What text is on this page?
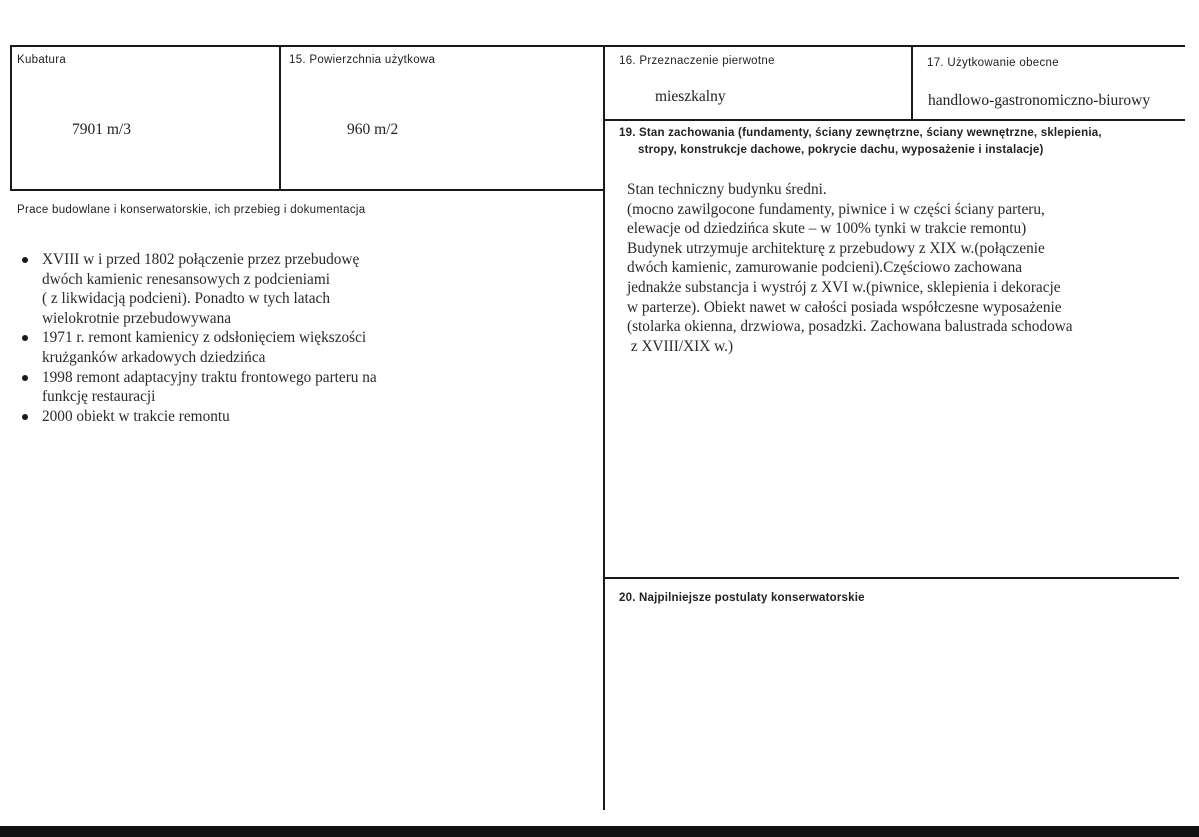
Kubatura
7901 m/3
15. Powierzchnia użytkowa
960 m/2
16. Przeznaczenie pierwotne
mieszkalny
17. Użytkowanie obecne
handlowo-gastronomiczno-biurowy
19. Stan zachowania (fundamenty, ściany zewnętrzne, ściany wewnętrzne, sklepienia,
stropy, konstrukcje dachowe, pokrycie dachu, wyposażenie i instalacje)
Stan techniczny budynku średni.
(mocno zawilgocone fundamenty, piwnice i w części ściany parteru,
elewacje od dziedzińca skute – w 100% tynki w trakcie remontu)
Budynek utrzymuje architekturę z przebudowy z XIX w.(połączenie
dwóch kamienic, zamurowanie podcieni).Częściowo zachowana
jednakże substancja i wystrój z XVI w.(piwnice, sklepienia i dekoracje
w parterze). Obiekt nawet w całości posiada współczesne wyposażenie
(stolarka okienna, drzwiowa, posadzki. Zachowana balustrada schodowa
z XVIII/XIX w.)
Prace budowlane i konserwatorskie, ich przebieg i dokumentacja
XVIII w i przed 1802 połączenie przez przebudowę
dwóch kamienic renesansowych z podcieniami
( z likwidacją podcieni). Ponadto w tych latach
wielokrotnie przebudowywana
1971 r. remont kamienicy z odsłonięciem większości
krużganków arkadowych dziedzińca
1998 remont adaptacyjny traktu frontowego parteru na
funkcję restauracji
2000 obiekt w trakcie remontu
20. Najpilniejsze postulaty konserwatorskie
